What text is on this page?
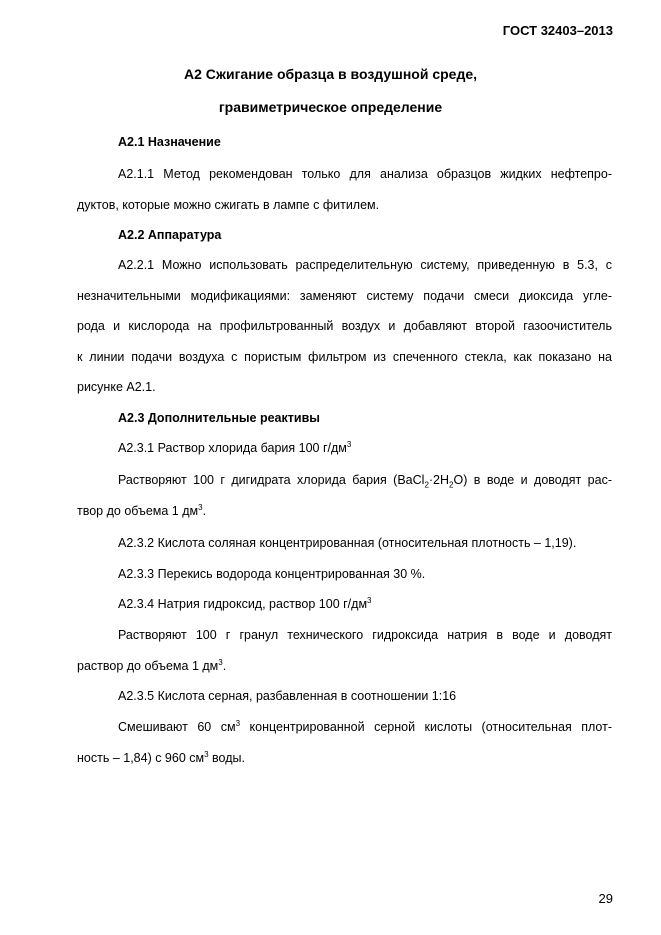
ГОСТ 32403–2013
А2 Сжигание образца в воздушной среде,
гравиметрическое определение
А2.1 Назначение
А2.1.1 Метод рекомендован только для анализа образцов жидких нефтепро-
дуктов, которые можно сжигать в лампе с фитилем.
А2.2 Аппаратура
А2.2.1 Можно использовать распределительную систему, приведенную в 5.3, с
незначительными модификациями: заменяют систему подачи смеси диоксида угле-
рода и кислорода на профильтрованный воздух и добавляют второй газоочиститель
к линии подачи воздуха с пористым фильтром из спеченного стекла, как показано на
рисунке А2.1.
А2.3 Дополнительные реактивы
А2.3.1 Раствор хлорида бария 100 $г/дм^3$
Растворяют 100 г дигидрата хлорида бария $(BaCl_2\cdot 2H_2O)$ в воде и доводят рас-
твор до объема 1 $дм^3$.
А2.3.2 Кислота соляная концентрированная (относительная плотность – 1,19).
А2.3.3 Перекись водорода концентрированная 30 %.
А2.3.4 Натрия гидроксид, раствор 100 $г/дм^3$
Растворяют 100 г гранул технического гидроксида натрия в воде и доводят
раствор до объема 1 $дм^3$.
А2.3.5 Кислота серная, разбавленная в соотношении 1:16
Смешивают 60 $см^3$ концентрированной серной кислоты (относительная плот-
ность – 1,84) с 960 $см^3$ воды.
29
